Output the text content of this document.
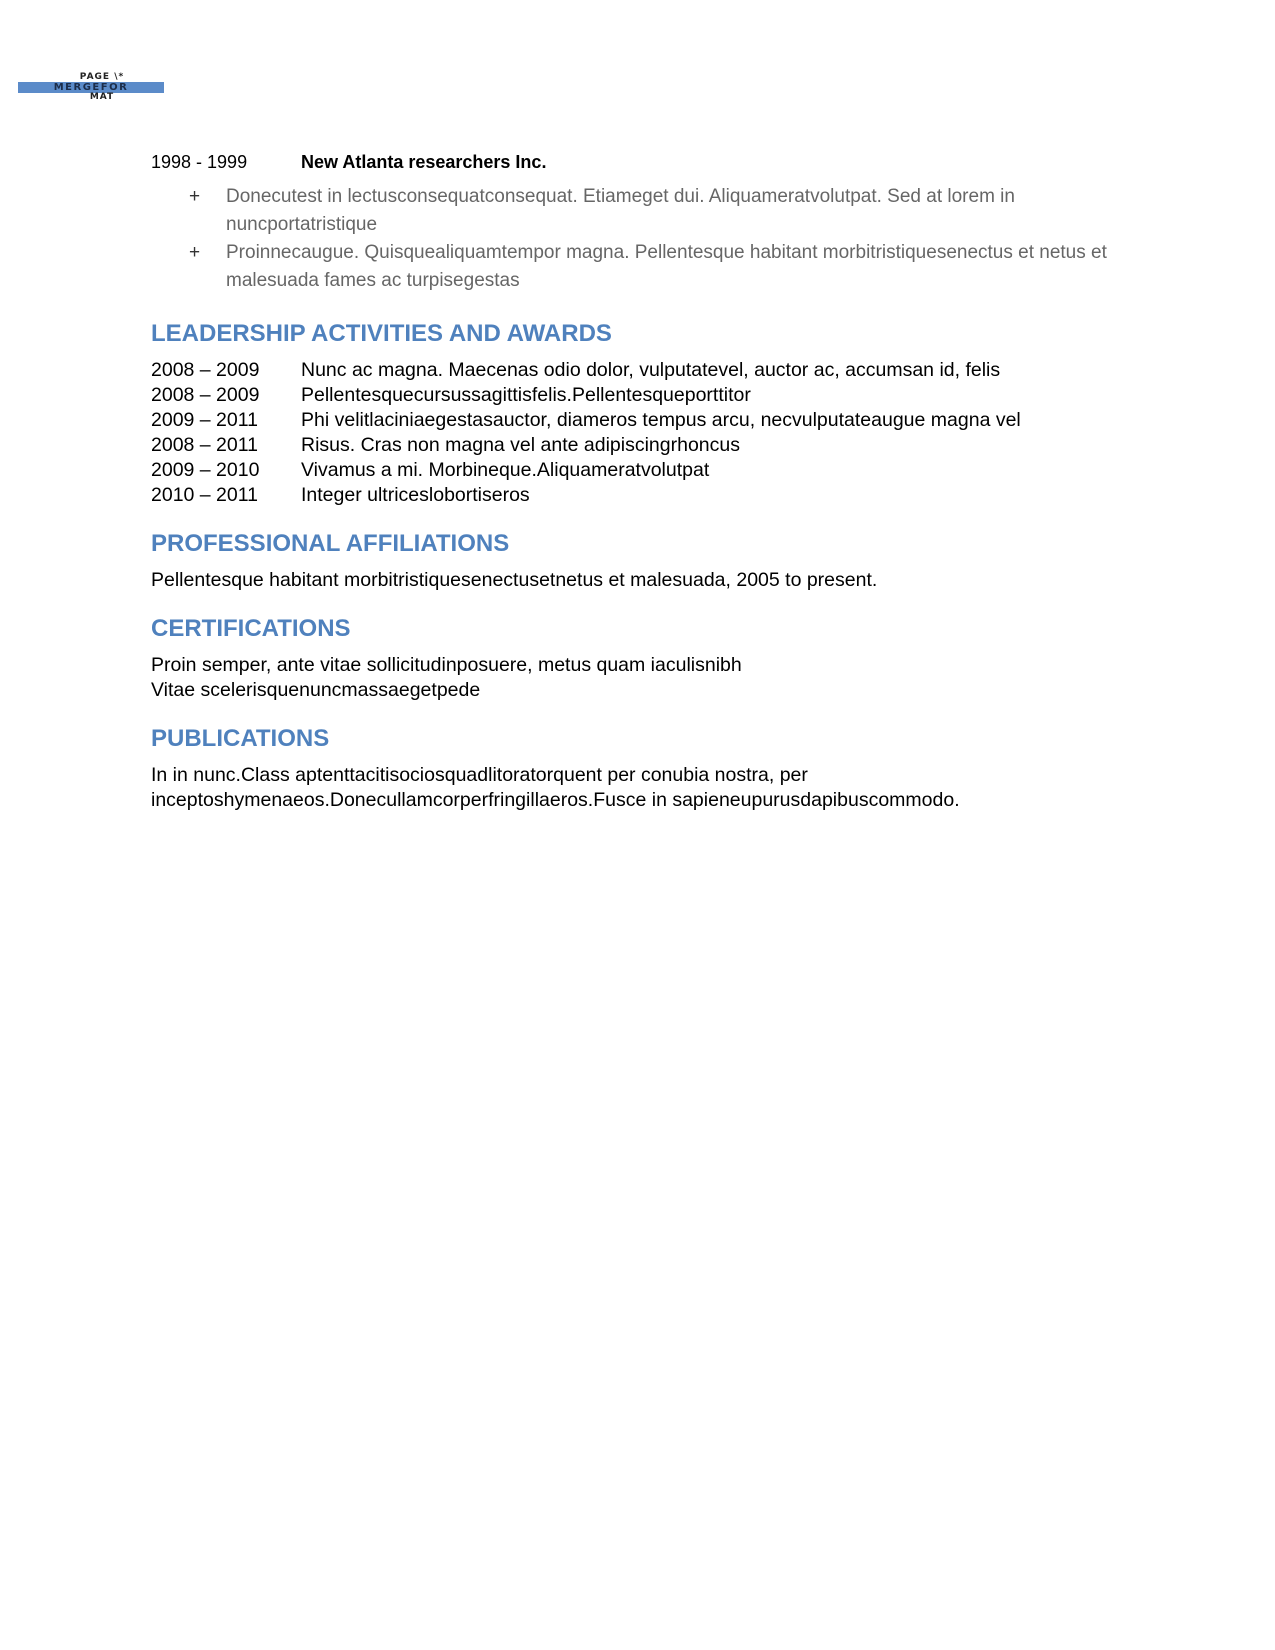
PAGE \*
MERGEFOR
MAT
1998 - 1999	New Atlanta researchers Inc.
+ Donecutest in lectusconsequatconsequat. Etiameget dui. Aliquameratvolutpat. Sed at lorem in nuncportatristique
+ Proinnecaugue. Quisquealiquamtempor magna. Pellentesque habitant morbitristiquesenectus et netus et malesuada fames ac turpisegestas
LEADERSHIP ACTIVITIES AND AWARDS
2008 – 2009	Nunc ac magna. Maecenas odio dolor, vulputatevel, auctor ac, accumsan id, felis
2008 – 2009	Pellentesquecursussagittisfelis.Pellentesqueporttitor
2009 – 2011	Phi velitlaciniaegestasauctor, diameros tempus arcu, necvulputateaugue magna vel
2008 – 2011	Risus. Cras non magna vel ante adipiscingrhoncus
2009 – 2010	Vivamus a mi. Morbineque.Aliquameratvolutpat
2010 – 2011	Integer ultriceslobortiseros
PROFESSIONAL AFFILIATIONS

Pellentesque habitant morbitristiquesenectusetnetus et malesuada, 2005 to present.

CERTIFICATIONS

Proin semper, ante vitae sollicitudinposuere, metus quam iaculisnibh

Vitae scelerisquenuncmassaegetpede

PUBLICATIONS

In in nunc.Class aptenttacitisociosquadlitoratorquent per conubia nostra, per

inceptoshymenaeos.Donecullamcorperfringillaeros.Fusce in sapieneupurusdapibuscommodo.
